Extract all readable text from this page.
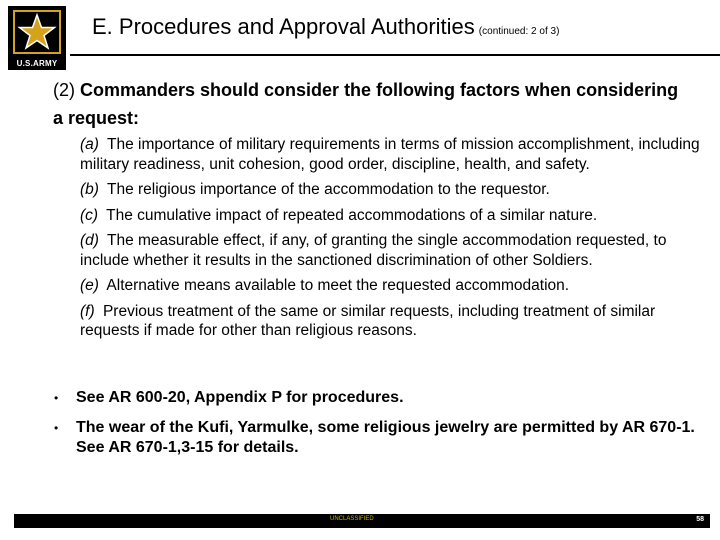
U.S.ARMY
E. Procedures and Approval Authorities (continued: 2 of 3)
(2) Commanders should consider the following factors when considering a request:
(a) The importance of military requirements in terms of mission accomplishment, including military readiness, unit cohesion, good order, discipline, health, and safety.
(b) The religious importance of the accommodation to the requestor.
(c) The cumulative impact of repeated accommodations of a similar nature.
(d) The measurable effect, if any, of granting the single accommodation requested, to include whether it results in the sanctioned discrimination of other Soldiers.
(e) Alternative means available to meet the requested accommodation.
(f) Previous treatment of the same or similar requests, including treatment of similar requests if made for other than religious reasons.
• See AR 600-20, Appendix P for procedures.
• The wear of the Kufi, Yarmulke, some religious jewelry are permitted by AR 670-1. See AR 670-1,3-15 for details.
UNCLASSIFIED	58
